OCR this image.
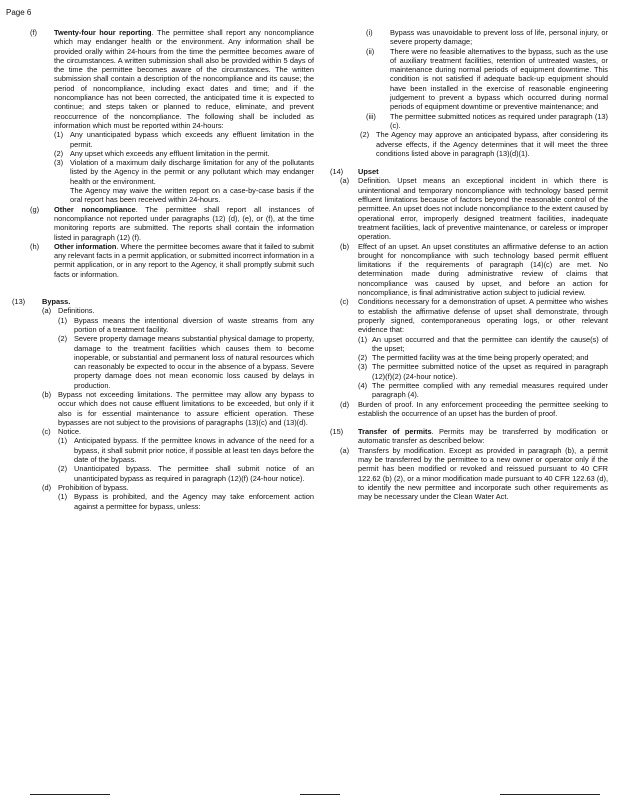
Page 6
(f)	Twenty-four hour reporting. The permittee shall report any noncompliance which may endanger health or the environment. Any information shall be provided orally within 24-hours from the time the permittee becomes aware of the circumstances. A written submission shall also be provided within 5 days of the time the permittee becomes aware of the circumstances. The written submission shall contain a description of the noncompliance and its cause; the period of noncompliance, including exact dates and time; and if the noncompliance has not been corrected, the anticipated time it is expected to continue; and steps taken or planned to reduce, eliminate, and prevent reoccurrence of the noncompliance. The following shall be included as information which must be reported within 24-hours:
(1) Any unanticipated bypass which exceeds any effluent limitation in the permit.
(2) Any upset which exceeds any effluent limitation in the permit.
(3) Violation of a maximum daily discharge limitation for any of the pollutants listed by the Agency in the permit or any pollutant which may endanger health or the environment.
The Agency may waive the written report on a case-by-case basis if the oral report has been received within 24-hours.
(g)	Other noncompliance. The permittee shall report all instances of noncompliance not reported under paragraphs (12) (d), (e), or (f), at the time monitoring reports are submitted. The reports shall contain the information listed in paragraph (12) (f).
(h)	Other information. Where the permittee becomes aware that it failed to submit any relevant facts in a permit application, or submitted incorrect information in a permit application, or in any report to the Agency, it shall promptly submit such facts or information.
(13)	Bypass.
(a) Definitions.
(1) Bypass means the intentional diversion of waste streams from any portion of a treatment facility.
(2) Severe property damage means substantial physical damage to property, damage to the treatment facilities which causes them to become inoperable, or substantial and permanent loss of natural resources which can reasonably be expected to occur in the absence of a bypass. Severe property damage does not mean economic loss caused by delays in production.
(b) Bypass not exceeding limitations. The permittee may allow any bypass to occur which does not cause effluent limitations to be exceeded, but only if it also is for essential maintenance to assure efficient operation. These bypasses are not subject to the provisions of paragraphs (13)(c) and (13)(d).
(c) Notice.
(1) Anticipated bypass. If the permittee knows in advance of the need for a bypass, it shall submit prior notice, if possible at least ten days before the date of the bypass.
(2) Unanticipated bypass. The permittee shall submit notice of an unanticipated bypass as required in paragraph (12)(f) (24-hour notice).
(d) Prohibition of bypass.
(1) Bypass is prohibited, and the Agency may take enforcement action against a permittee for bypass, unless:
(i)	Bypass was unavoidable to prevent loss of life, personal injury, or severe property damage;
(ii)	There were no feasible alternatives to the bypass, such as the use of auxiliary treatment facilities, retention of untreated wastes, or maintenance during normal periods of equipment downtime. This condition is not satisfied if adequate back-up equipment should have been installed in the exercise of reasonable engineering judgement to prevent a bypass which occurred during normal periods of equipment downtime or preventive maintenance; and
(iii)	The permittee submitted notices as required under paragraph (13)(c).
(2) The Agency may approve an anticipated bypass, after considering its adverse effects, if the Agency determines that it will meet the three conditions listed above in paragraph (13)(d)(1).
(14)	Upset
(a)	Definition. Upset means an exceptional incident in which there is unintentional and temporary noncompliance with technology based permit effluent limitations because of factors beyond the reasonable control of the permittee. An upset does not include noncompliance to the extent caused by operational error, improperly designed treatment facilities, inadequate treatment facilities, lack of preventive maintenance, or careless or improper operation.
(b)	Effect of an upset. An upset constitutes an affirmative defense to an action brought for noncompliance with such technology based permit effluent limitations if the requirements of paragraph (14)(c) are met. No determination made during administrative review of claims that noncompliance was caused by upset, and before an action for noncompliance, is final administrative action subject to judicial review.
(c)	Conditions necessary for a demonstration of upset. A permittee who wishes to establish the affirmative defense of upset shall demonstrate, through properly signed, contemporaneous operating logs, or other relevant evidence that:
(1) An upset occurred and that the permittee can identify the cause(s) of the upset;
(2) The permitted facility was at the time being properly operated; and
(3) The permittee submitted notice of the upset as required in paragraph (12)(f)(2) (24-hour notice).
(4) The permittee complied with any remedial measures required under paragraph (4).
(d)	Burden of proof. In any enforcement proceeding the permittee seeking to establish the occurrence of an upset has the burden of proof.
(15)	Transfer of permits. Permits may be transferred by modification or automatic transfer as described below:
(a)	Transfers by modification. Except as provided in paragraph (b), a permit may be transferred by the permittee to a new owner or operator only if the permit has been modified or revoked and reissued pursuant to 40 CFR 122.62 (b) (2), or a minor modification made pursuant to 40 CFR 122.63 (d), to identify the new permittee and incorporate such other requirements as may be necessary under the Clean Water Act.
